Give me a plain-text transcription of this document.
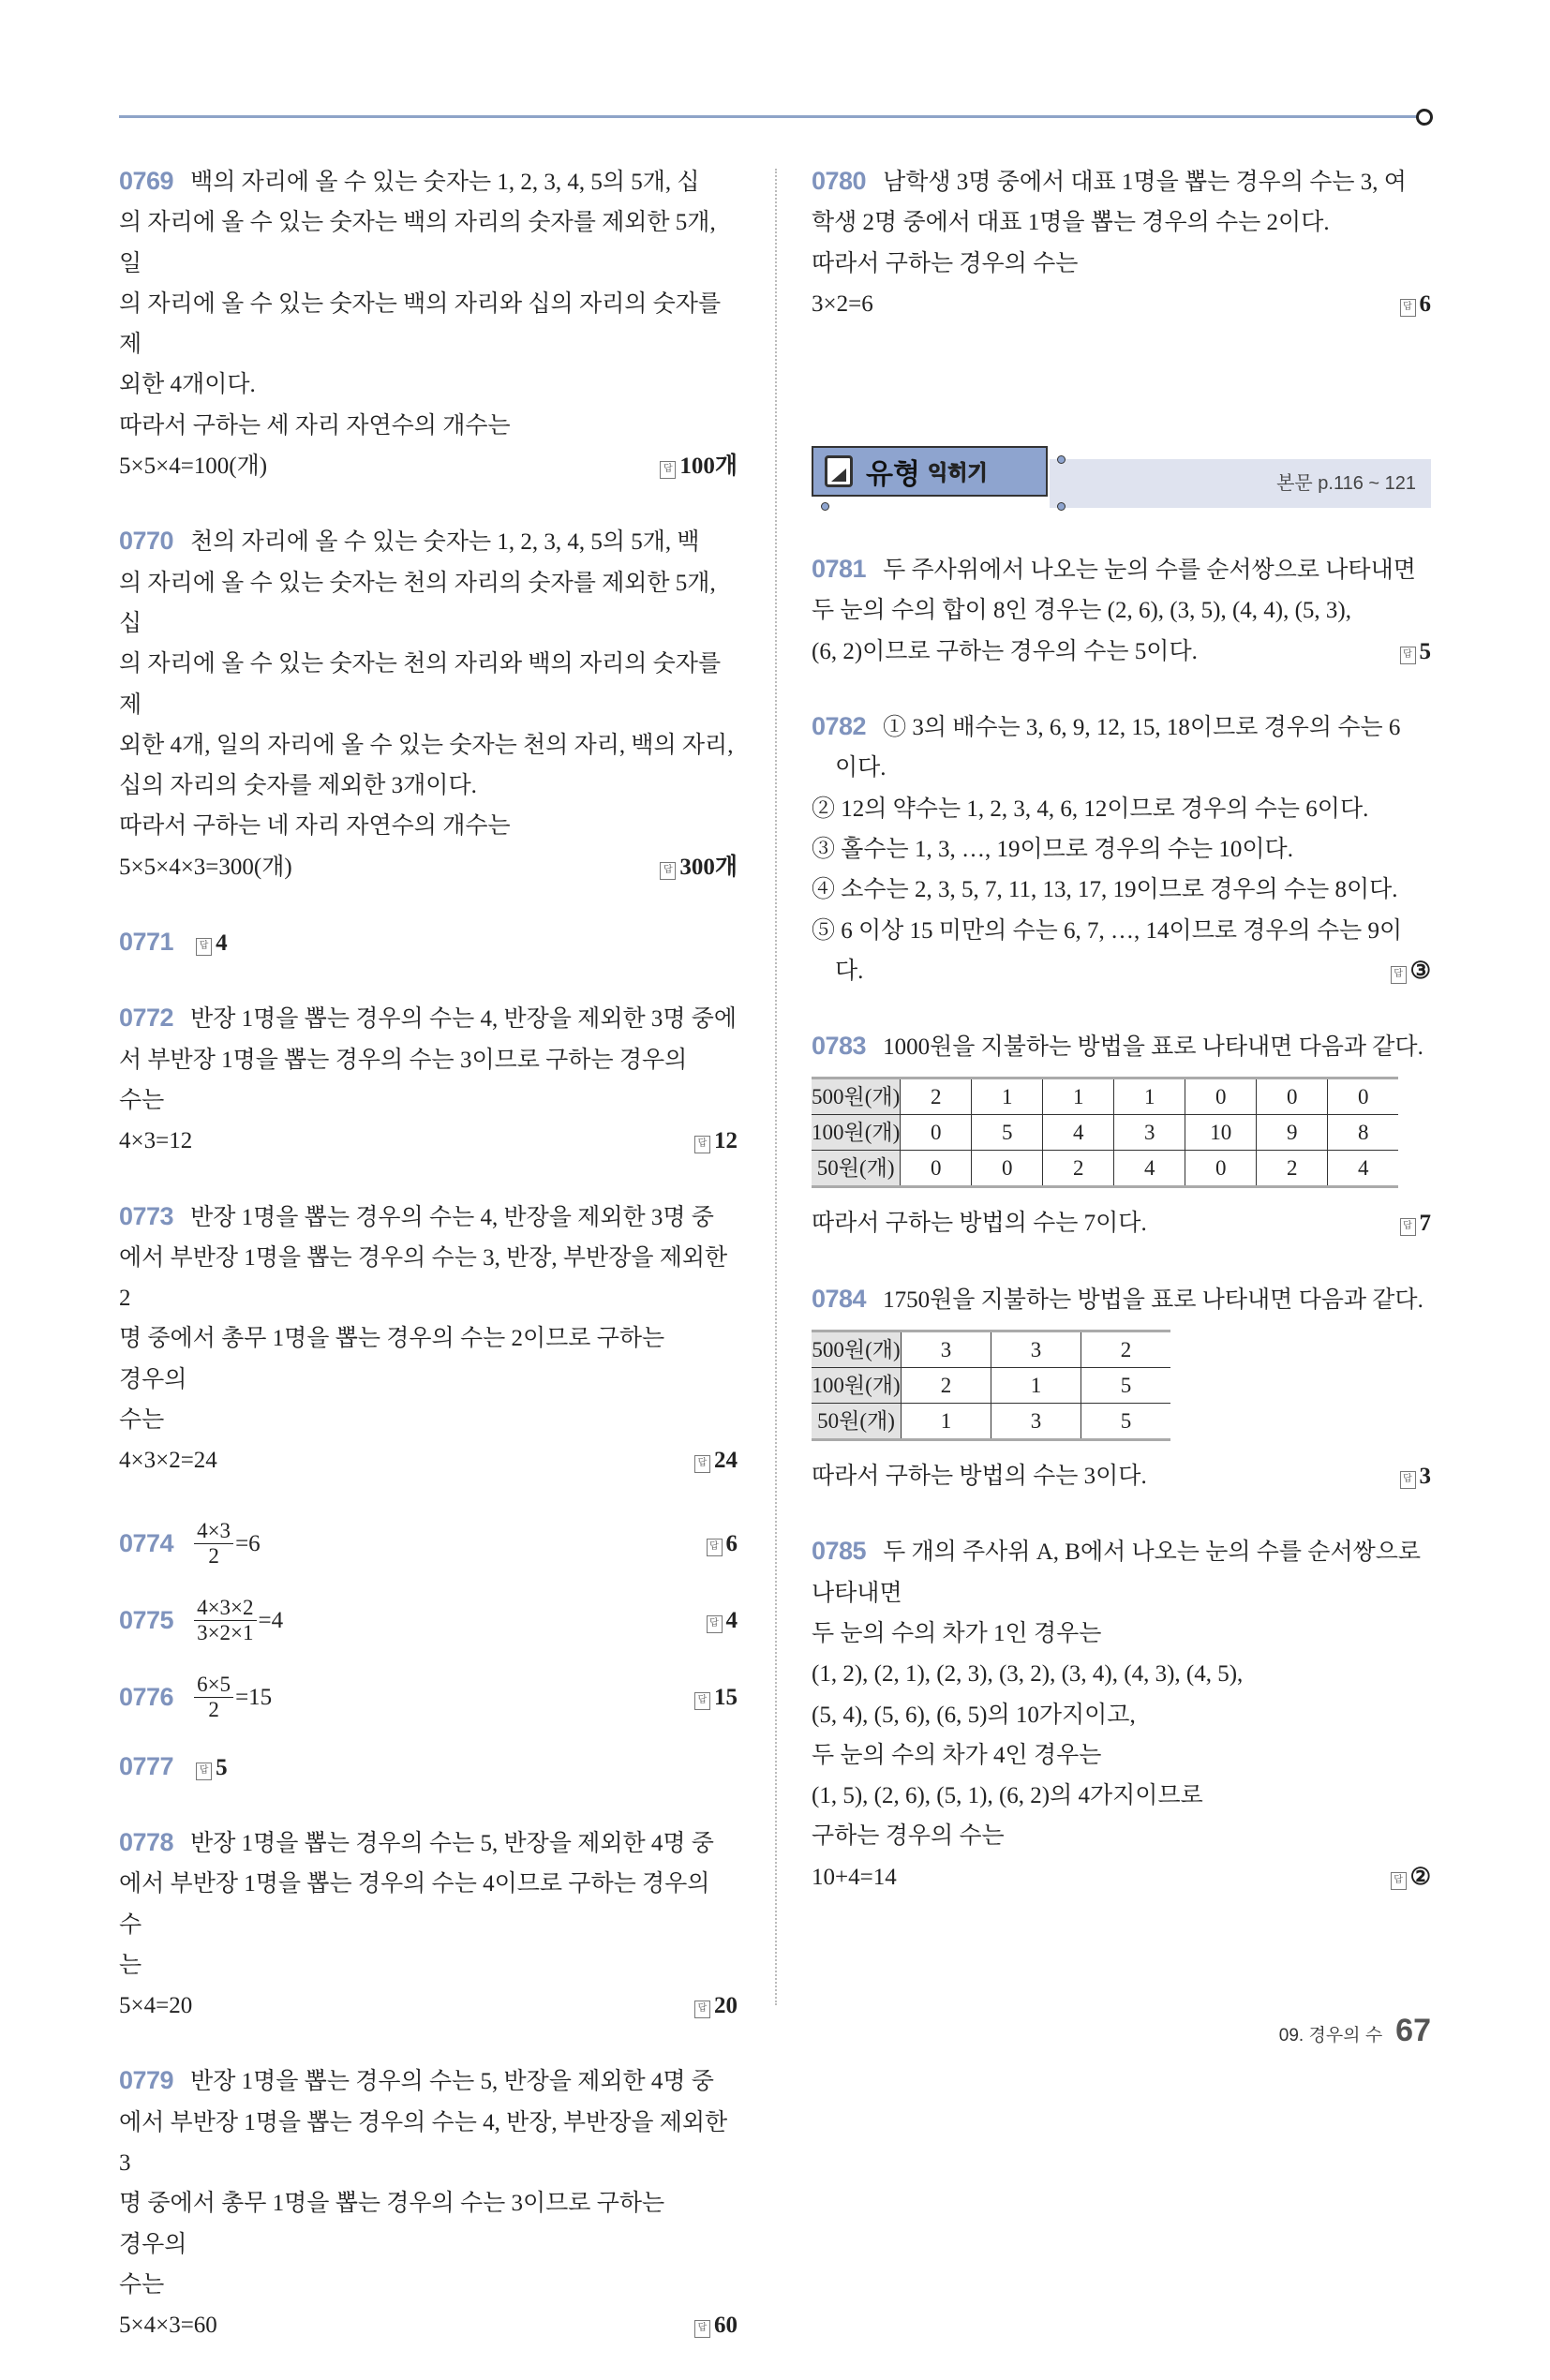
0769 백의 자리에 올 수 있는 숫자는 1, 2, 3, 4, 5의 5개, 십
의 자리에 올 수 있는 숫자는 백의 자리의 숫자를 제외한 5개, 일
의 자리에 올 수 있는 숫자는 백의 자리와 십의 자리의 숫자를 제
외한 4개이다.
따라서 구하는 세 자리 자연수의 개수는
5×5×4=100(개)	답 100개
0770 천의 자리에 올 수 있는 숫자는 1, 2, 3, 4, 5의 5개, 백
의 자리에 올 수 있는 숫자는 천의 자리의 숫자를 제외한 5개, 십
의 자리에 올 수 있는 숫자는 천의 자리와 백의 자리의 숫자를 제
외한 4개, 일의 자리에 올 수 있는 숫자는 천의 자리, 백의 자리,
십의 자리의 숫자를 제외한 3개이다.
따라서 구하는 네 자리 자연수의 개수는
5×5×4×3=300(개)	답 300개
0771	답 4
0772 반장 1명을 뽑는 경우의 수는 4, 반장을 제외한 3명 중에
서 부반장 1명을 뽑는 경우의 수는 3이므로 구하는 경우의 수는
4×3=12	답 12
0773 반장 1명을 뽑는 경우의 수는 4, 반장을 제외한 3명 중
에서 부반장 1명을 뽑는 경우의 수는 3, 반장, 부반장을 제외한 2
명 중에서 총무 1명을 뽑는 경우의 수는 2이므로 구하는 경우의
수는
4×3×2=24	답 24
$0774 \frac{4\times 3}{2} =6$	답 6
$0775 \frac{4\times 3\times 2}{3\times 2\times 1} =4$	답 4
$0776 \frac{6\times 5}{2} =15$	답 15
0777	답 5
0778 반장 1명을 뽑는 경우의 수는 5, 반장을 제외한 4명 중
에서 부반장 1명을 뽑는 경우의 수는 4이므로 구하는 경우의 수
는
5×4=20	답 20
0779 반장 1명을 뽑는 경우의 수는 5, 반장을 제외한 4명 중
에서 부반장 1명을 뽑는 경우의 수는 4, 반장, 부반장을 제외한 3
명 중에서 총무 1명을 뽑는 경우의 수는 3이므로 구하는 경우의
수는
5×4×3=60	답 60
0780 남학생 3명 중에서 대표 1명을 뽑는 경우의 수는 3, 여
학생 2명 중에서 대표 1명을 뽑는 경우의 수는 2이다.
따라서 구하는 경우의 수는
3×2=6	답 6
본문 p.116 ~ 121
유형 익히기
0781 두 주사위에서 나오는 눈의 수를 순서쌍으로 나타내면
두 눈의 수의 합이 8인 경우는 (2, 6), (3, 5), (4, 4), (5, 3),
(6, 2)이므로 구하는 경우의 수는 5이다.	답 5
0782 ① 3의 배수는 3, 6, 9, 12, 15, 18이므로 경우의 수는 6
　이다.
② 12의 약수는 1, 2, 3, 4, 6, 12이므로 경우의 수는 6이다.
③ 홀수는 1, 3, …, 19이므로 경우의 수는 10이다.
④ 소수는 2, 3, 5, 7, 11, 13, 17, 19이므로 경우의 수는 8이다.
⑤ 6 이상 15 미만의 수는 6, 7, …, 14이므로 경우의 수는 9이
　다.	답 ③
0783 1000원을 지불하는 방법을 표로 나타내면 다음과 같다.
500원(개)	2	1	1	1	0	0	0
100원(개)	0	5	4	3	10	9	8
50원(개)	0	0	2	4	0	2	4
따라서 구하는 방법의 수는 7이다.	답 7
0784 1750원을 지불하는 방법을 표로 나타내면 다음과 같다.
500원(개)	3	3	2
100원(개)	2	1	5
50원(개)	1	3	5
따라서 구하는 방법의 수는 3이다.	답 3
0785 두 개의 주사위 A, B에서 나오는 눈의 수를 순서쌍으로
나타내면
두 눈의 수의 차가 1인 경우는
(1, 2), (2, 1), (2, 3), (3, 2), (3, 4), (4, 3), (4, 5),
(5, 4), (5, 6), (6, 5)의 10가지이고,
두 눈의 수의 차가 4인 경우는
(1, 5), (2, 6), (5, 1), (6, 2)의 4가지이므로
구하는 경우의 수는
10+4=14	답 ②
09. 경우의 수 67
